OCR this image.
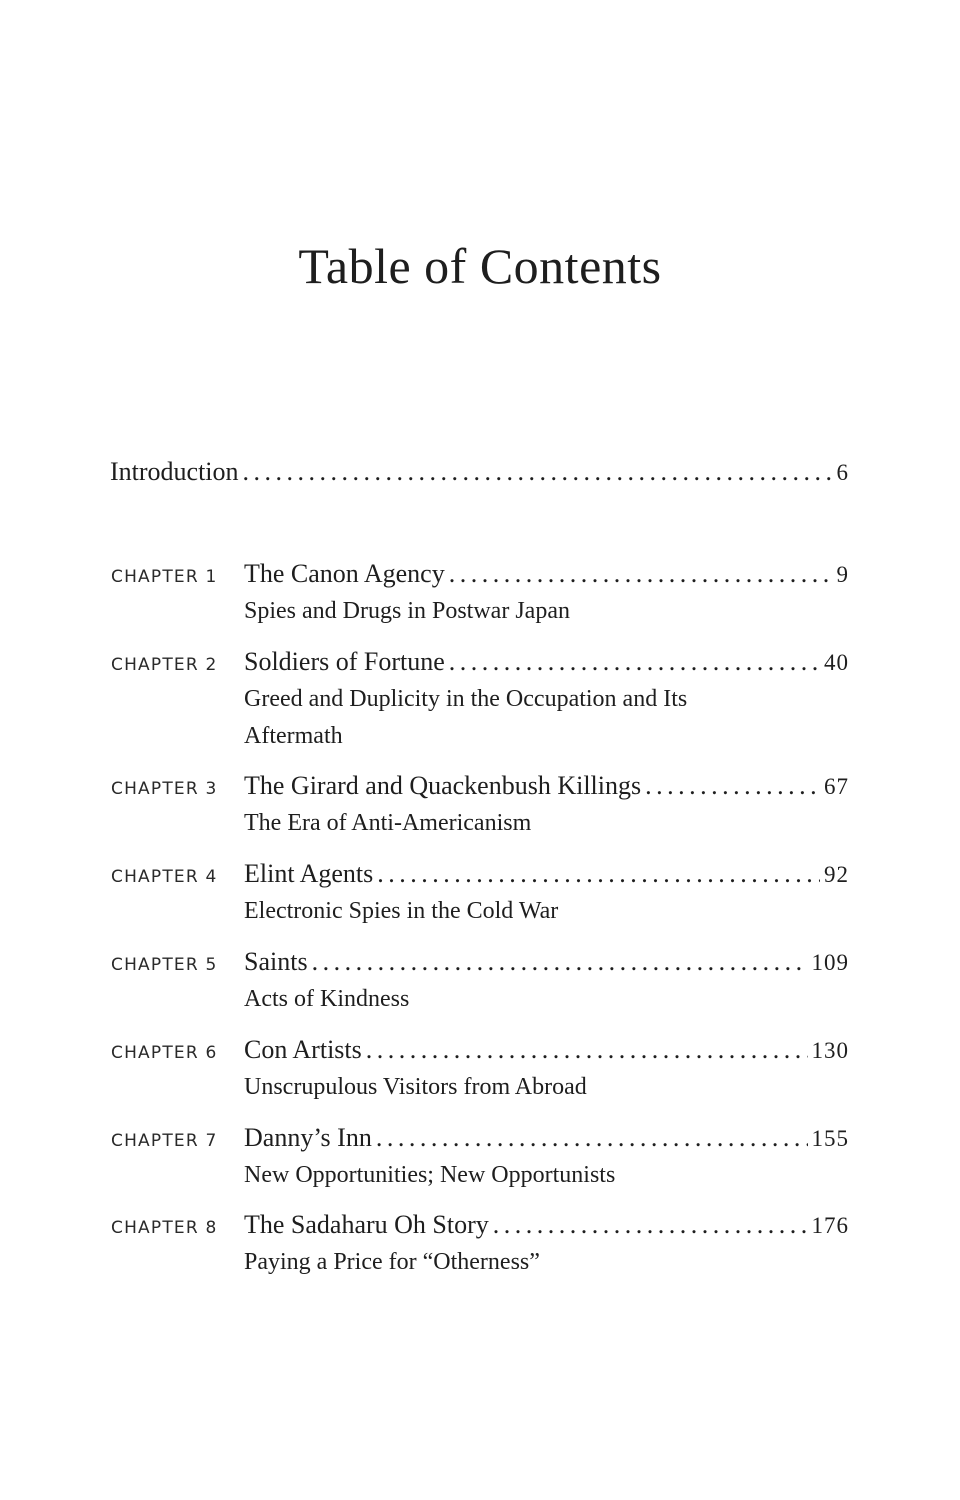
Table of Contents
Introduction . . .	6
CHAPTER 1 The Canon Agency . . .	9
Spies and Drugs in Postwar Japan
CHAPTER 2 Soldiers of Fortune . . .	40
Greed and Duplicity in the Occupation and Its Aftermath
CHAPTER 3 The Girard and Quackenbush Killings . . .	67
The Era of Anti-Americanism
CHAPTER 4 Elint Agents . . .	92
Electronic Spies in the Cold War
CHAPTER 5 Saints . . .	109
Acts of Kindness
CHAPTER 6 Con Artists . . .	130
Unscrupulous Visitors from Abroad
CHAPTER 7 Danny’s Inn . . .	155
New Opportunities; New Opportunists
CHAPTER 8 The Sadaharu Oh Story . . .	176
Paying a Price for “Otherness”
